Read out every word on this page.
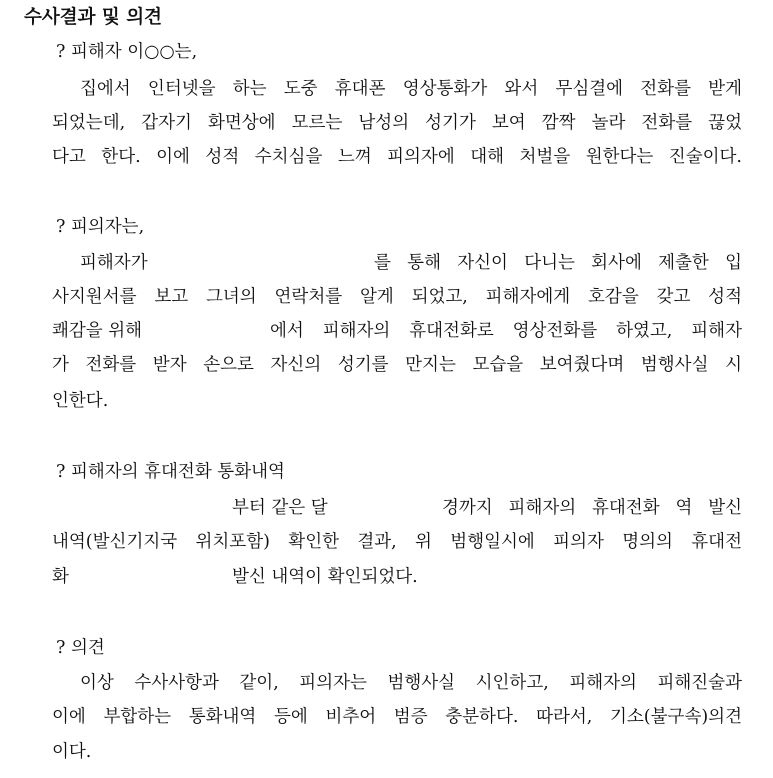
수사결과 및 의견
? 피해자 이○○는,
집에서 인터넷을 하는 도중 휴대폰 영상통화가 와서 무심결에 전화를 받게
되었는데, 갑자기 화면상에 모르는 남성의 성기가 보여 깜짝 놀라 전화를 끊었
다고 한다. 이에 성적 수치심을 느껴 피의자에 대해 처벌을 원한다는 진술이다.
? 피의자는,
피해자가	를 통해 자신이 다니는 회사에 제출한 입
사지원서를 보고 그녀의 연락처를 알게 되었고, 피해자에게 호감을 갖고 성적
쾌감을 위해	에서 피해자의 휴대전화로 영상전화를 하였고, 피해자
가 전화를 받자 손으로 자신의 성기를 만지는 모습을 보여줬다며 범행사실 시
인한다.
? 피해자의 휴대전화 통화내역
부터 같은 달	경까지 피해자의 휴대전화 역 발신
내역(발신기지국 위치포함) 확인한 결과, 위 범행일시에 피의자 명의의 휴대전
화	발신 내역이 확인되었다.
? 의견
이상 수사사항과 같이, 피의자는 범행사실 시인하고, 피해자의 피해진술과
이에 부합하는 통화내역 등에 비추어 범증 충분하다. 따라서, 기소(불구속)의견
이다.
